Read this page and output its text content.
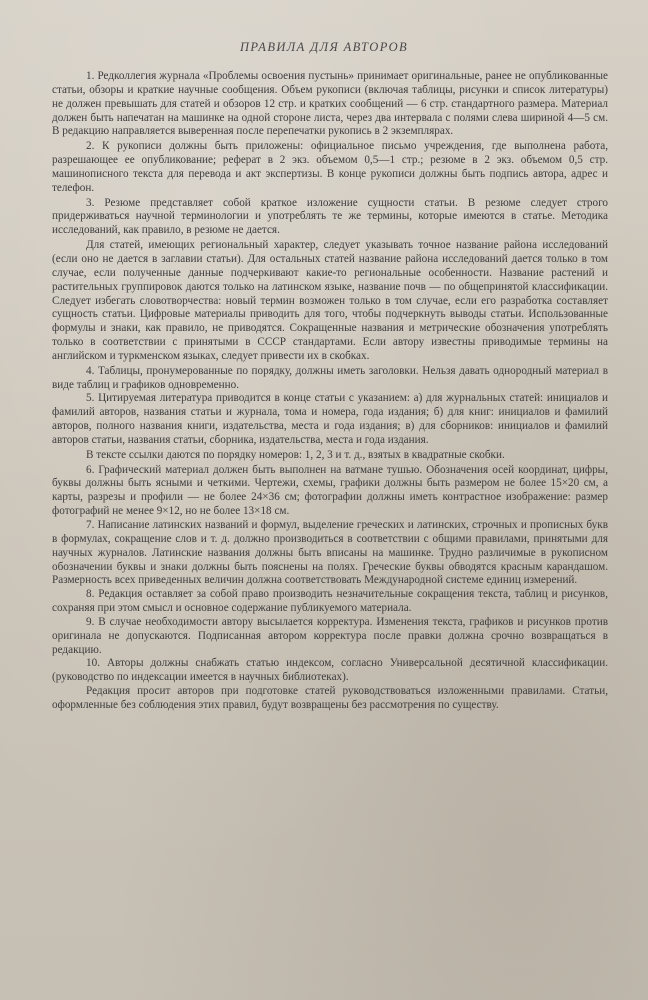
ПРАВИЛА ДЛЯ АВТОРОВ

1. Редколлегия журнала «Проблемы освоения пустынь» принимает оригинальные, ранее не опубликованные статьи, обзоры и краткие научные сообщения. Объем рукописи (включая таблицы, рисунки и список литературы) не должен превышать для статей и обзоров 12 стр. и кратких сообщений — 6 стр. стандартного размера. Материал должен быть напечатан на машинке на одной стороне листа, через два интервала с полями слева шириной 4—5 см. В редакцию направляется выверенная после перепечатки рукопись в 2 экземплярах.

2. К рукописи должны быть приложены: официальное письмо учреждения, где выполнена работа, разрешающее ее опубликование; реферат в 2 экз. объемом 0,5—1 стр.; резюме в 2 экз. объемом 0,5 стр. машинописного текста для перевода и акт экспертизы. В конце рукописи должны быть подпись автора, адрес и телефон.

3. Резюме представляет собой краткое изложение сущности статьи. В резюме следует строго придерживаться научной терминологии и употреблять те же термины, которые имеются в статье. Методика исследований, как правило, в резюме не дается.

Для статей, имеющих региональный характер, следует указывать точное название района исследований (если оно не дается в заглавии статьи). Для остальных статей название района исследований дается только в том случае, если полученные данные подчеркивают какие-то региональные особенности. Название растений и растительных группировок даются только на латинском языке, название почв — по общепринятой классификации. Следует избегать словотворчества: новый термин возможен только в том случае, если его разработка составляет сущность статьи. Цифровые материалы приводить для того, чтобы подчеркнуть выводы статьи. Использованные формулы и знаки, как правило, не приводятся. Сокращенные названия и метрические обозначения употреблять только в соответствии с принятыми в СССР стандартами. Если автору известны приводимые термины на английском и туркменском языках, следует привести их в скобках.

4. Таблицы, пронумерованные по порядку, должны иметь заголовки. Нельзя давать однородный материал в виде таблиц и графиков одновременно.

5. Цитируемая литература приводится в конце статьи с указанием: а) для журнальных статей: инициалов и фамилий авторов, названия статьи и журнала, тома и номера, года издания; б) для книг: инициалов и фамилий авторов, полного названия книги, издательства, места и года издания; в) для сборников: инициалов и фамилий авторов статьи, названия статьи, сборника, издательства, места и года издания.

В тексте ссылки даются по порядку номеров: 1, 2, 3 и т. д., взятых в квадратные скобки.

6. Графический материал должен быть выполнен на ватмане тушью. Обозначения осей координат, цифры, буквы должны быть ясными и четкими. Чертежи, схемы, графики должны быть размером не более 15×20 см, а карты, разрезы и профили — не более 24×36 см; фотографии должны иметь контрастное изображение: размер фотографий не менее 9×12, но не более 13×18 см.

7. Написание латинских названий и формул, выделение греческих и латинских, строчных и прописных букв в формулах, сокращение слов и т. д. должно производиться в соответствии с общими правилами, принятыми для научных журналов. Латинские названия должны быть вписаны на машинке. Трудно различимые в рукописном обозначении буквы и знаки должны быть пояснены на полях. Греческие буквы обводятся красным карандашом. Размерность всех приведенных величин должна соответствовать Международной системе единиц измерений.

8. Редакция оставляет за собой право производить незначительные сокращения текста, таблиц и рисунков, сохраняя при этом смысл и основное содержание публикуемого материала.

9. В случае необходимости автору высылается корректура. Изменения текста, графиков и рисунков против оригинала не допускаются. Подписанная автором корректура после правки должна срочно возвращаться в редакцию.

10. Авторы должны снабжать статью индексом, согласно Универсальной десятичной классификации. (руководство по индексации имеется в научных библиотеках).

Редакция просит авторов при подготовке статей руководствоваться изложенными правилами. Статьи, оформленные без соблюдения этих правил, будут возвращены без рассмотрения по существу.
